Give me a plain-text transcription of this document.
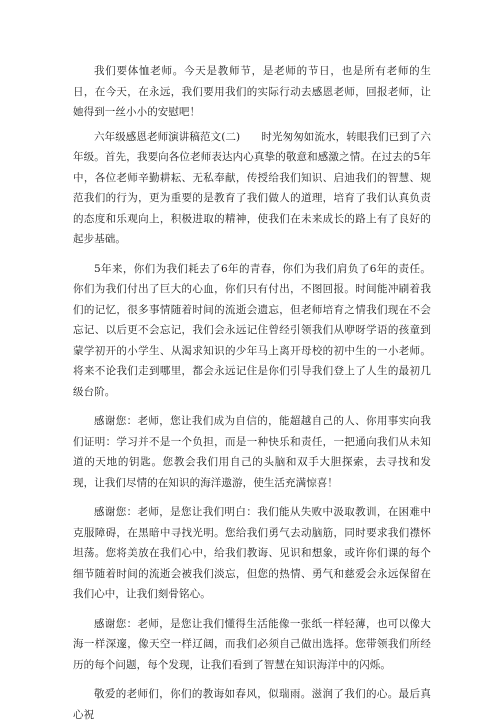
我们要体恤老师。今天是教师节，是老师的节日，也是所有老师的生日，在今天，在永远，我们要用我们的实际行动去感恩老师，回报老师，让她得到一丝小小的安慰吧！

六年级感恩老师演讲稿范文(二)　　时光匆匆如流水，转眼我们已到了六年级。首先，我要向各位老师表达内心真挚的敬意和感激之情。在过去的5年中，各位老师辛勤耕耘、无私奉献，传授给我们知识、启迪我们的智慧、规范我们的行为，更为重要的是教育了我们做人的道理，培育了我们认真负责的态度和乐观向上，积极进取的精神，使我们在未来成长的路上有了良好的起步基础。

5年来，你们为我们耗去了6年的青春，你们为我们肩负了6年的责任。你们为我们付出了巨大的心血，你们只有付出，不图回报。时间能冲刷着我们的记忆，很多事情随着时间的流逝会遗忘，但老师培育之情我们现在不会忘记、以后更不会忘记，我们会永远记住曾经引领我们从咿呀学语的孩童到蒙学初开的小学生、从渴求知识的少年马上离开母校的初中生的一小老师。将来不论我们走到哪里，都会永远记住是你们引导我们登上了人生的最初几级台阶。

感谢您：老师，您让我们成为自信的，能超越自己的人、你用事实向我们证明：学习并不是一个负担，而是一种快乐和责任，一把通向我们从未知道的天地的钥匙。您教会我们用自己的头脑和双手大胆探索，去寻找和发现，让我们尽情的在知识的海洋遨游，使生活充满惊喜！

感谢您：老师，是您让我们明白：我们能从失败中汲取教训，在困难中克服障碍，在黑暗中寻找光明。您给我们勇气去动脑筋，同时要求我们襟怀坦荡。您将美放在我们心中，给我们教诲、见识和想象，或许你们课的每个细节随着时间的流逝会被我们淡忘，但您的热情、勇气和慈爱会永远保留在我们心中，让我们刻骨铭心。

感谢您：老师，是您让我们懂得生活能像一张纸一样轻薄，也可以像大海一样深邃，像天空一样辽阔，而我们必须自己做出选择。您带领我们所经历的每个问题，每个发现，让我们看到了智慧在知识海洋中的闪烁。

敬爱的老师们，你们的教诲如春风，似瑞雨。滋润了我们的心。最后真心祝
